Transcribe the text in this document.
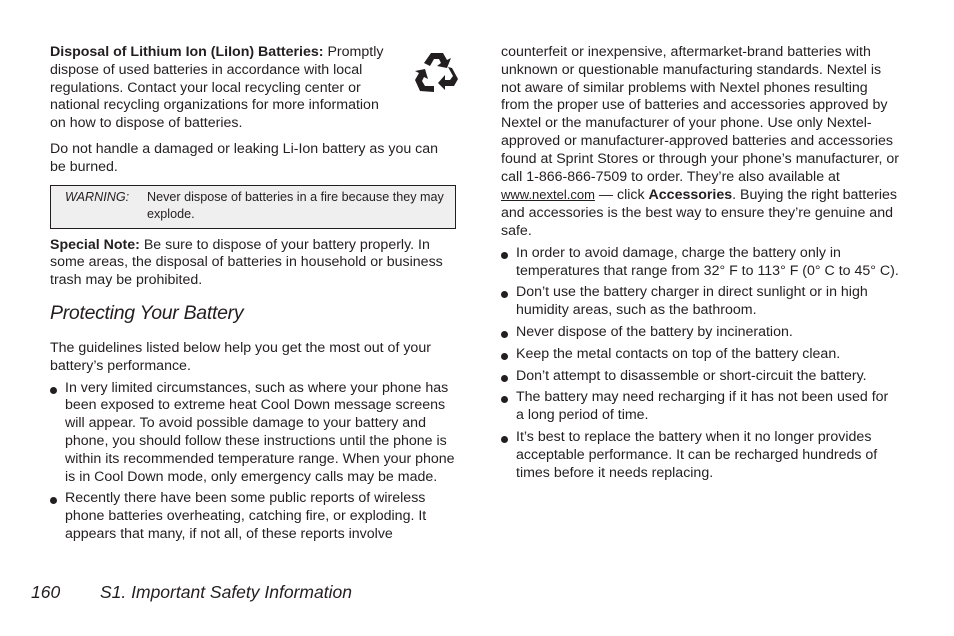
Disposal of Lithium Ion (LiIon) Batteries: Promptly dispose of used batteries in accordance with local regulations. Contact your local recycling center or national recycling organizations for more information on how to dispose of batteries.

Do not handle a damaged or leaking Li-Ion battery as you can be burned.

WARNING:	Never dispose of batteries in a fire because they may explode.

Special Note: Be sure to dispose of your battery properly. In some areas, the disposal of batteries in household or business trash may be prohibited.

Protecting Your Battery

The guidelines listed below help you get the most out of your battery’s performance.

In very limited circumstances, such as where your phone has been exposed to extreme heat Cool Down message screens will appear. To avoid possible damage to your battery and phone, you should follow these instructions until the phone is within its recommended temperature range. When your phone is in Cool Down mode, only emergency calls may be made.
Recently there have been some public reports of wireless phone batteries overheating, catching fire, or exploding. It appears that many, if not all, of these reports involve

counterfeit or inexpensive, aftermarket-brand batteries with unknown or questionable manufacturing standards. Nextel is not aware of similar problems with Nextel phones resulting from the proper use of batteries and accessories approved by Nextel or the manufacturer of your phone. Use only Nextel-approved or manufacturer-approved batteries and accessories found at Sprint Stores or through your phone’s manufacturer, or call 1-866-866-7509 to order. They’re also available at www.nextel.com — click Accessories. Buying the right batteries and accessories is the best way to ensure they’re genuine and safe.

In order to avoid damage, charge the battery only in temperatures that range from 32° F to 113° F (0° C to 45° C).
Don’t use the battery charger in direct sunlight or in high humidity areas, such as the bathroom.
Never dispose of the battery by incineration.
Keep the metal contacts on top of the battery clean.
Don’t attempt to disassemble or short-circuit the battery.
The battery may need recharging if it has not been used for a long period of time.
It’s best to replace the battery when it no longer provides acceptable performance. It can be recharged hundreds of times before it needs replacing.
160 S1. Important Safety Information
